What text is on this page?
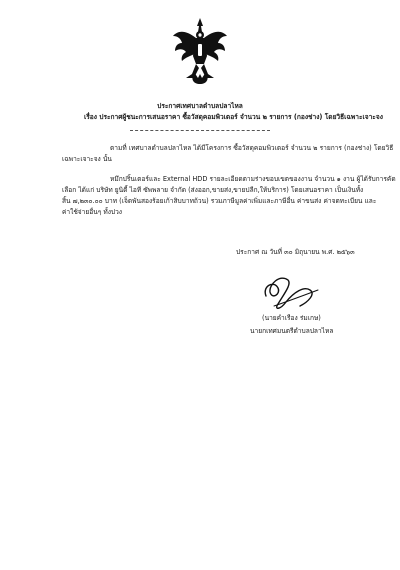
ประกาศเทศบาลตำบลปลาไหล
เรื่อง ประกาศผู้ชนะการเสนอราคา ซื้อวัสดุคอมพิวเตอร์ จำนวน ๒ รายการ (กองช่าง) โดยวิธีเฉพาะเจาะจง
ตามที่ เทศบาลตำบลปลาไหล ได้มีโครงการ ซื้อวัสดุคอมพิวเตอร์ จำนวน ๒ รายการ (กองช่าง) โดยวิธี
เฉพาะเจาะจง นั้น
หมึกปริ้นเตอร์และ External HDD รายละเอียดตามร่างขอบเขตของงาน จำนวน ๑ งาน ผู้ได้รับการคัด
เลือก ได้แก่ บริษัท ยูนิตี้ ไอที ซัพพลาย จำกัด (ส่งออก,ขายส่ง,ขายปลีก,ให้บริการ) โดยเสนอราคา เป็นเงินทั้ง
สิ้น ๗,๒๓๐.๐๐ บาท (เจ็ดพันสองร้อยเก้าสิบบาทถ้วน) รวมภาษีมูลค่าเพิ่มและภาษีอื่น ค่าขนส่ง ค่าจดทะเบียน และ
ค่าใช้จ่ายอื่นๆ ทั้งปวง
ประกาศ ณ วันที่ ๓๐ มิถุนายน พ.ศ. ๒๕๖๓
(นายคำเรือง ร่มเกษ)
นายกเทศมนตรีตำบลปลาไหล
